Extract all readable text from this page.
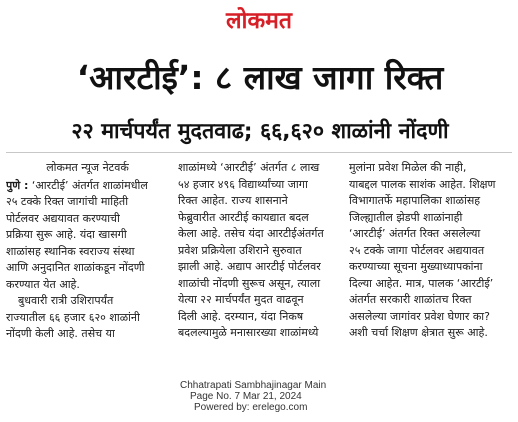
लोकमत
‘आरटीई’: ८ लाख जागा रिक्त
२२ मार्चपर्यंत मुदतवाढ; ६६,६२० शाळांनी नोंदणी
लोकमत न्यूज नेटवर्क
पुणे : ‘आरटीई’ अंतर्गत शाळांमधील
२५ टक्के रिक्त जागांची माहिती
पोर्टलवर अद्ययावत करण्याची
प्रक्रिया सुरू आहे. यंदा खासगी
शाळांसह स्थानिक स्वराज्य संस्था
आणि अनुदानित शाळांकडून नोंदणी
करण्यात येत आहे.
बुधवारी रात्री उशिरापर्यंत
राज्यातील ६६ हजार ६२० शाळांनी
नोंदणी केली आहे. तसेच या
शाळांमध्ये ‘आरटीई’ अंतर्गत ८ लाख
५४ हजार ४९६ विद्यार्थ्यांच्या जागा
रिक्त आहेत. राज्य शासनाने
फेब्रुवारीत आरटीई कायद्यात बदल
केला आहे. तसेच यंदा आरटीईअंतर्गत
प्रवेश प्रक्रियेला उशिराने सुरुवात
झाली आहे. अद्याप आरटीई पोर्टलवर
शाळांची नोंदणी सुरूच असून, त्याला
येत्या २२ मार्चपर्यंत मुदत वाढवून
दिली आहे. दरम्यान, यंदा निकष
बदलल्यामुळे मनासारख्या शाळांमध्ये
मुलांना प्रवेश मिळेल की नाही,
याबद्दल पालक साशंक आहेत. शिक्षण
विभागातर्फे महापालिका शाळांसह
जिल्ह्यातील झेडपी शाळांनाही
‘आरटीई’ अंतर्गत रिक्त असलेल्या
२५ टक्के जागा पोर्टलवर अद्ययावत
करण्याच्या सूचना मुख्याध्यापकांना
दिल्या आहेत. मात्र, पालक ‘आरटीई’
अंतर्गत सरकारी शाळांतच रिक्त
असलेल्या जागांवर प्रवेश घेणार का?
अशी चर्चा शिक्षण क्षेत्रात सुरू आहे.
Chhatrapati Sambhajinagar Main
Page No. 7 Mar 21, 2024
Powered by: erelego.com
